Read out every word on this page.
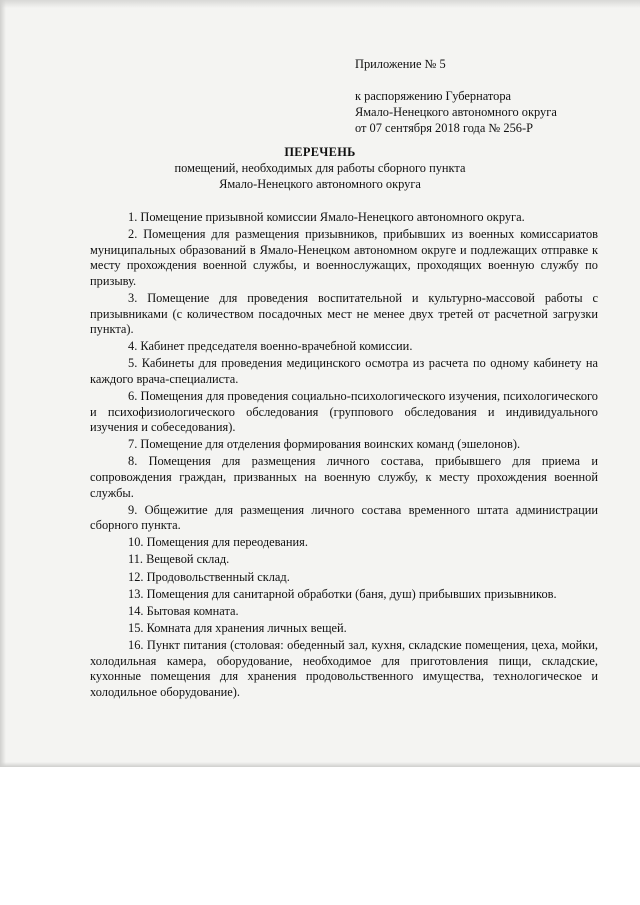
Приложение № 5
к распоряжению Губернатора
Ямало-Ненецкого автономного округа
от 07 сентября 2018 года № 256-Р
ПЕРЕЧЕНЬ
помещений, необходимых для работы сборного пункта
Ямало-Ненецкого автономного округа

1. Помещение призывной комиссии Ямало-Ненецкого автономного округа.

2. Помещения для размещения призывников, прибывших из военных комиссариатов муниципальных образований в Ямало-Ненецком автономном округе и подлежащих отправке к месту прохождения военной службы, и военнослужащих, проходящих военную службу по призыву.

3. Помещение для проведения воспитательной и культурно-массовой работы с призывниками (с количеством посадочных мест не менее двух третей от расчетной загрузки пункта).

4. Кабинет председателя военно-врачебной комиссии.

5. Кабинеты для проведения медицинского осмотра из расчета по одному кабинету на каждого врача-специалиста.

6. Помещения для проведения социально-психологического изучения, психологического и психофизиологического обследования (группового обследования и индивидуального изучения и собеседования).

7. Помещение для отделения формирования воинских команд (эшелонов).

8. Помещения для размещения личного состава, прибывшего для приема и сопровождения граждан, призванных на военную службу, к месту прохождения военной службы.

9. Общежитие для размещения личного состава временного штата администрации сборного пункта.

10. Помещения для переодевания.

11. Вещевой склад.

12. Продовольственный склад.

13. Помещения для санитарной обработки (баня, душ) прибывших призывников.

14. Бытовая комната.

15. Комната для хранения личных вещей.

16. Пункт питания (столовая: обеденный зал, кухня, складские помещения, цеха, мойки, холодильная камера, оборудование, необходимое для приготовления пищи, складские, кухонные помещения для хранения продовольственного имущества, технологическое и холодильное оборудование).
